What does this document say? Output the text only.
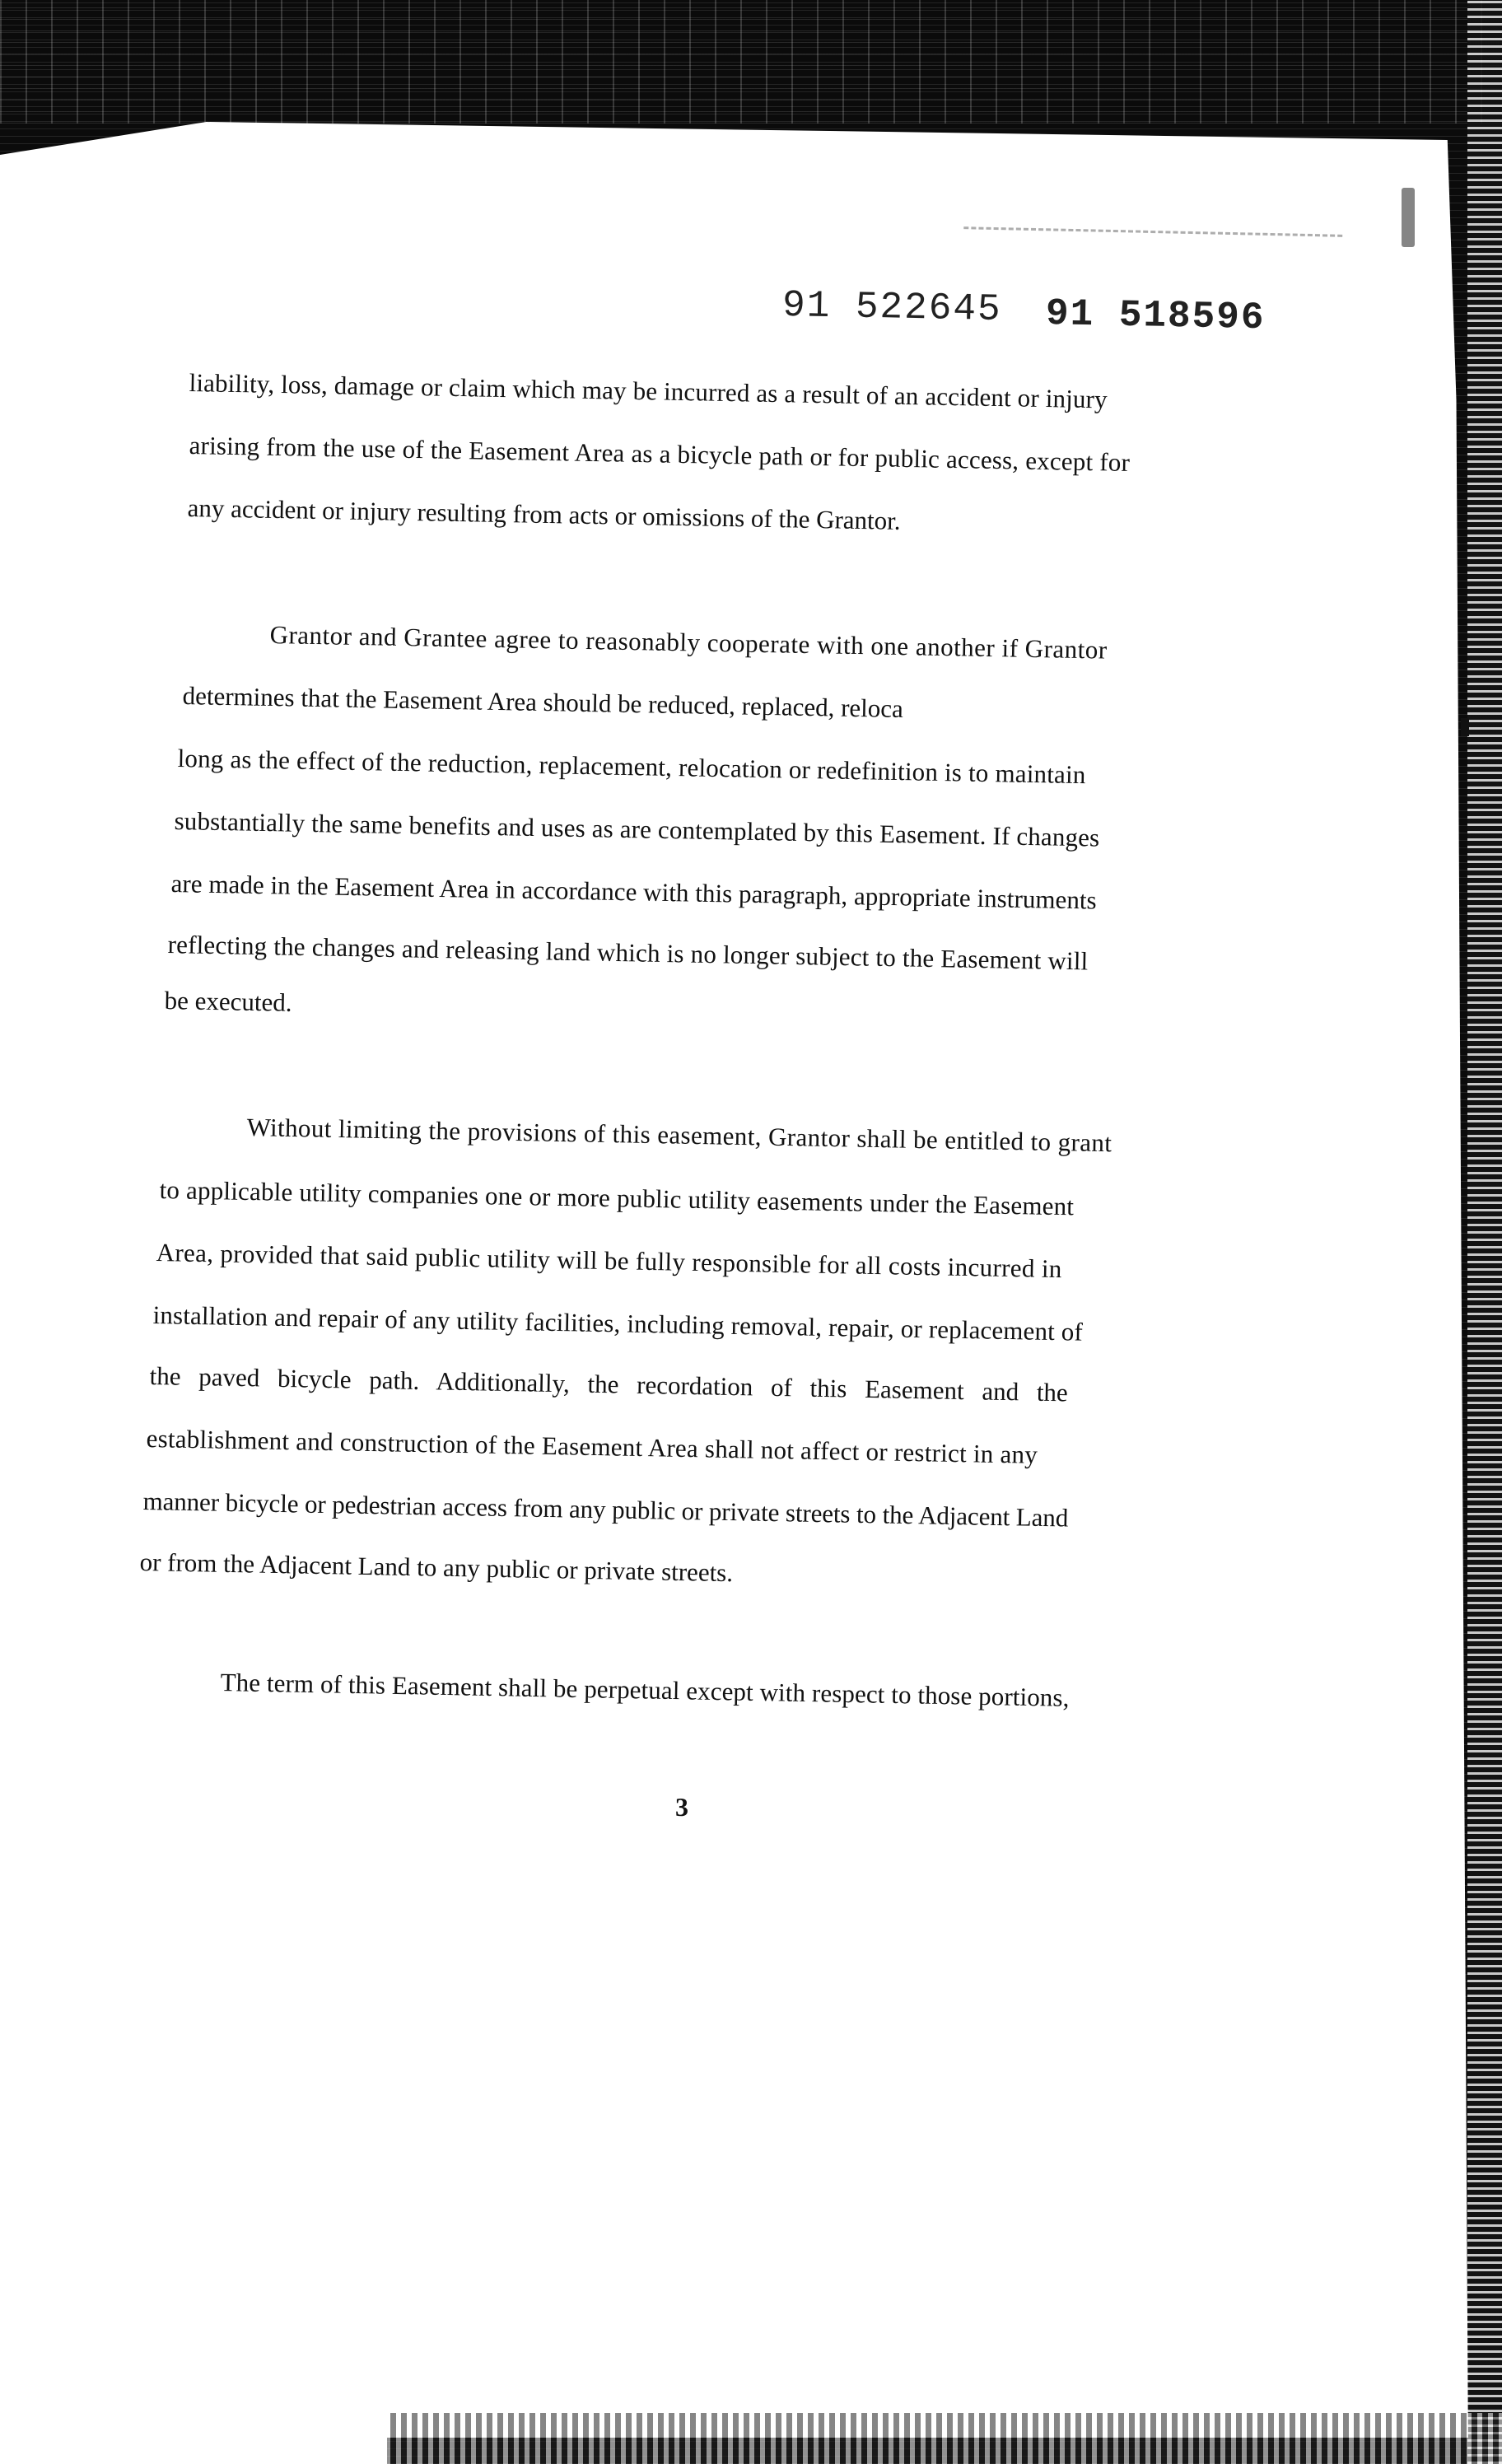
91 522645 91 518596
liability, loss, damage or claim which may be incurred as a result of an accident or injury
arising from the use of the Easement Area as a bicycle path or for public access, except for
any accident or injury resulting from acts or omissions of the Grantor.
Grantor and Grantee agree to reasonably cooperate with one another if Grantor
determines that the Easement Area should be reduced, replaced, reloca
long as the effect of the reduction, replacement, relocation or redefinition is to maintain
substantially the same benefits and uses as are contemplated by this Easement. If changes
are made in the Easement Area in accordance with this paragraph, appropriate instruments
reflecting the changes and releasing land which is no longer subject to the Easement will
be executed.
Without limiting the provisions of this easement, Grantor shall be entitled to grant
to applicable utility companies one or more public utility easements under the Easement
Area, provided that said public utility will be fully responsible for all costs incurred in
installation and repair of any utility facilities, including removal, repair, or replacement of
the paved bicycle path. Additionally, the recordation of this Easement and the
establishment and construction of the Easement Area shall not affect or restrict in any
manner bicycle or pedestrian access from any public or private streets to the Adjacent Land
or from the Adjacent Land to any public or private streets.
The term of this Easement shall be perpetual except with respect to those portions,
3
